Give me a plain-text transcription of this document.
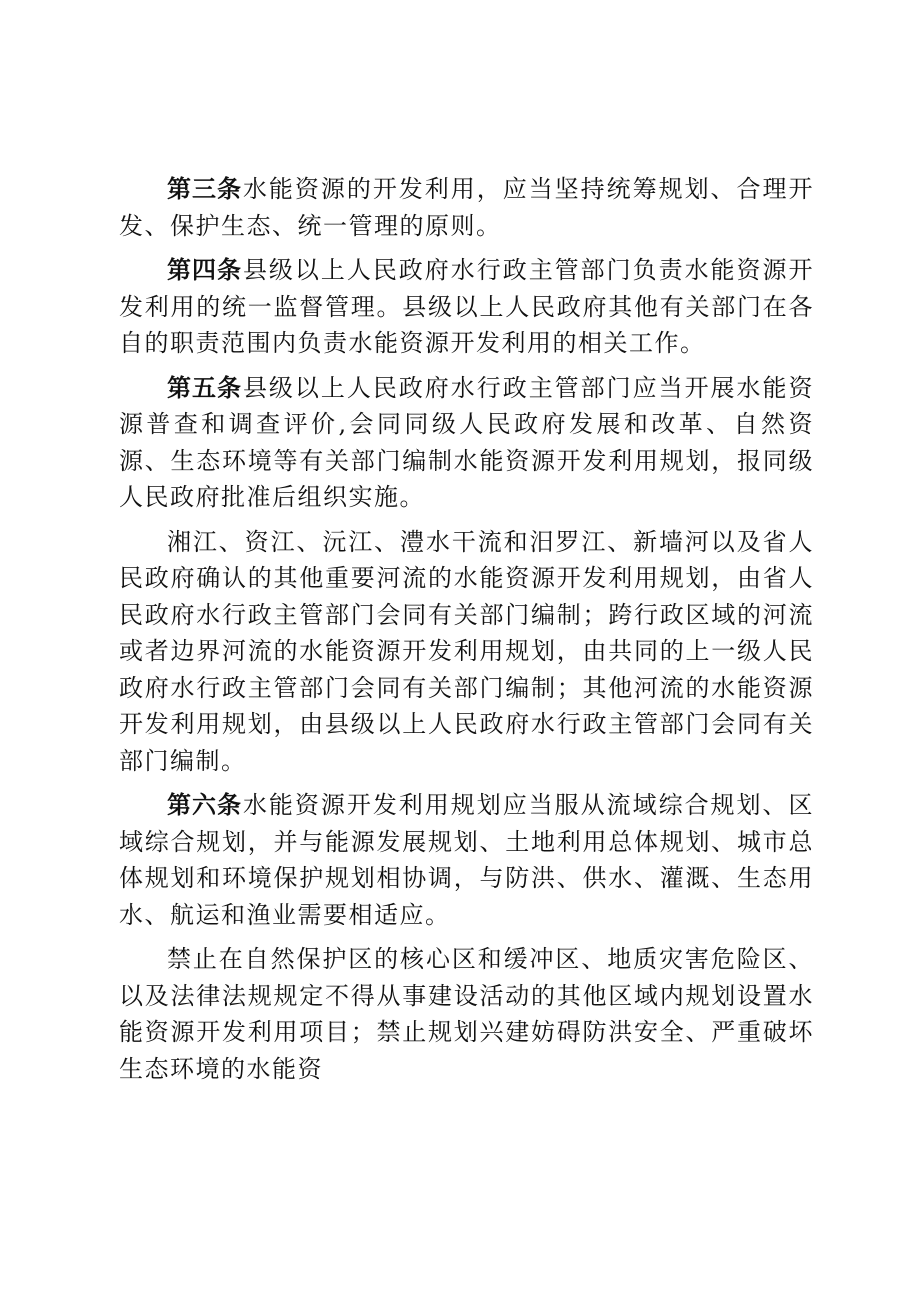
第三条水能资源的开发利用，应当坚持统筹规划、合理开发、保护生态、统一管理的原则。

第四条县级以上人民政府水行政主管部门负责水能资源开发利用的统一监督管理。县级以上人民政府其他有关部门在各自的职责范围内负责水能资源开发利用的相关工作。

第五条县级以上人民政府水行政主管部门应当开展水能资源普查和调查评价,会同同级人民政府发展和改革、自然资源、生态环境等有关部门编制水能资源开发利用规划，报同级人民政府批准后组织实施。

湘江、资江、沅江、澧水干流和汨罗江、新墙河以及省人民政府确认的其他重要河流的水能资源开发利用规划，由省人民政府水行政主管部门会同有关部门编制；跨行政区域的河流或者边界河流的水能资源开发利用规划，由共同的上一级人民政府水行政主管部门会同有关部门编制；其他河流的水能资源开发利用规划，由县级以上人民政府水行政主管部门会同有关部门编制。

第六条水能资源开发利用规划应当服从流域综合规划、区域综合规划，并与能源发展规划、土地利用总体规划、城市总体规划和环境保护规划相协调，与防洪、供水、灌溉、生态用水、航运和渔业需要相适应。

禁止在自然保护区的核心区和缓冲区、地质灾害危险区、以及法律法规规定不得从事建设活动的其他区域内规划设置水能资源开发利用项目；禁止规划兴建妨碍防洪安全、严重破坏生态环境的水能资
